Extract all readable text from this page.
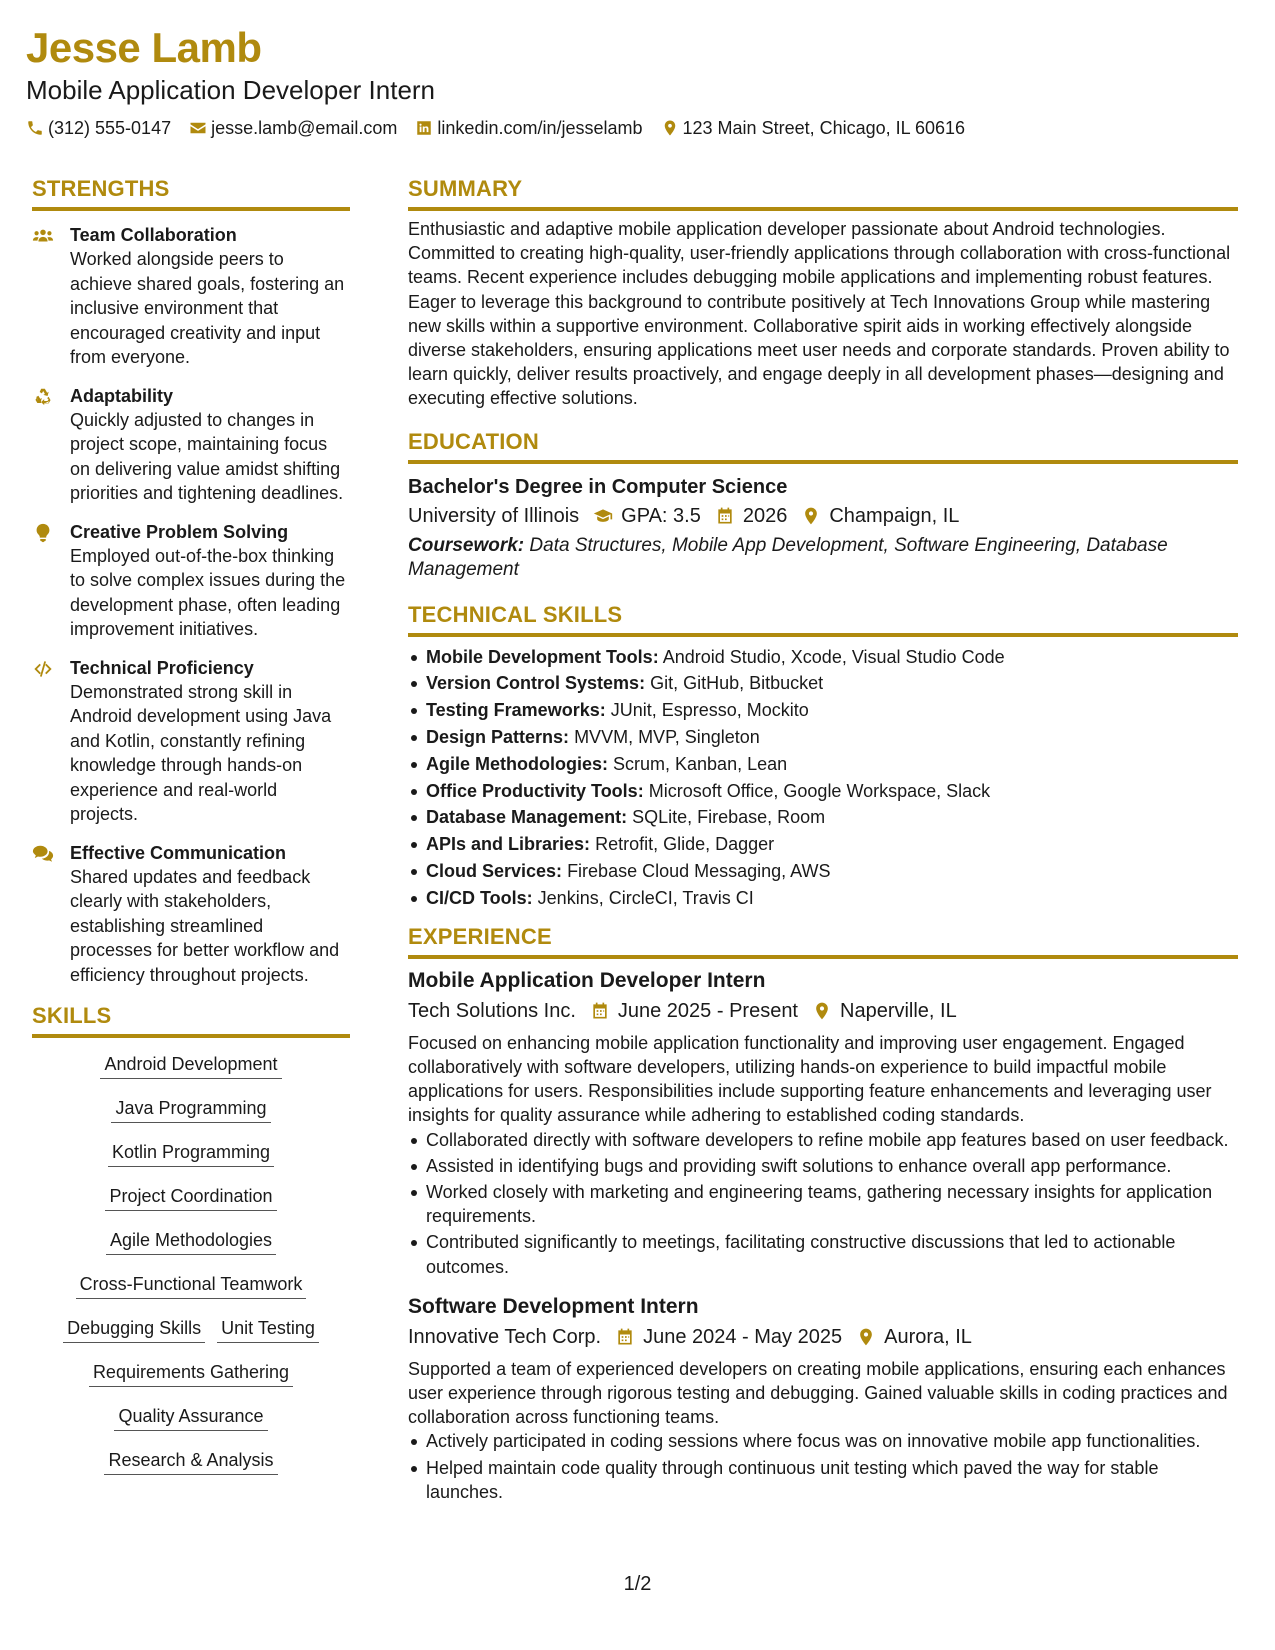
Jesse Lamb
Mobile Application Developer Intern
(312) 555-0147 jesse.lamb@email.com linkedin.com/in/jesselamb 123 Main Street, Chicago, IL 60616
STRENGTHS
Team Collaboration
Worked alongside peers to achieve shared goals, fostering an inclusive environment that encouraged creativity and input from everyone.
Adaptability
Quickly adjusted to changes in project scope, maintaining focus on delivering value amidst shifting priorities and tightening deadlines.
Creative Problem Solving
Employed out-of-the-box thinking to solve complex issues during the development phase, often leading improvement initiatives.
Technical Proficiency
Demonstrated strong skill in Android development using Java and Kotlin, constantly refining knowledge through hands-on experience and real-world projects.
Effective Communication
Shared updates and feedback clearly with stakeholders, establishing streamlined processes for better workflow and efficiency throughout projects.
SKILLS
Android Development
Java Programming
Kotlin Programming
Project Coordination
Agile Methodologies
Cross-Functional Teamwork
Debugging Skills Unit Testing
Requirements Gathering
Quality Assurance
Research & Analysis
SUMMARY
Enthusiastic and adaptive mobile application developer passionate about Android technologies. Committed to creating high-quality, user-friendly applications through collaboration with cross-functional teams. Recent experience includes debugging mobile applications and implementing robust features. Eager to leverage this background to contribute positively at Tech Innovations Group while mastering new skills within a supportive environment. Collaborative spirit aids in working effectively alongside diverse stakeholders, ensuring applications meet user needs and corporate standards. Proven ability to learn quickly, deliver results proactively, and engage deeply in all development phases—designing and executing effective solutions.
EDUCATION
Bachelor's Degree in Computer Science
University of Illinois GPA: 3.5 2026 Champaign, IL
Coursework: Data Structures, Mobile App Development, Software Engineering, Database Management
TECHNICAL SKILLS
Mobile Development Tools: Android Studio, Xcode, Visual Studio Code
Version Control Systems: Git, GitHub, Bitbucket
Testing Frameworks: JUnit, Espresso, Mockito
Design Patterns: MVVM, MVP, Singleton
Agile Methodologies: Scrum, Kanban, Lean
Office Productivity Tools: Microsoft Office, Google Workspace, Slack
Database Management: SQLite, Firebase, Room
APIs and Libraries: Retrofit, Glide, Dagger
Cloud Services: Firebase Cloud Messaging, AWS
CI/CD Tools: Jenkins, CircleCI, Travis CI
EXPERIENCE
Mobile Application Developer Intern
Tech Solutions Inc. June 2025 - Present Naperville, IL
Focused on enhancing mobile application functionality and improving user engagement. Engaged collaboratively with software developers, utilizing hands-on experience to build impactful mobile applications for users. Responsibilities include supporting feature enhancements and leveraging user insights for quality assurance while adhering to established coding standards.
Collaborated directly with software developers to refine mobile app features based on user feedback.
Assisted in identifying bugs and providing swift solutions to enhance overall app performance.
Worked closely with marketing and engineering teams, gathering necessary insights for application requirements.
Contributed significantly to meetings, facilitating constructive discussions that led to actionable outcomes.
Software Development Intern
Innovative Tech Corp. June 2024 - May 2025 Aurora, IL
Supported a team of experienced developers on creating mobile applications, ensuring each enhances user experience through rigorous testing and debugging. Gained valuable skills in coding practices and collaboration across functioning teams.
Actively participated in coding sessions where focus was on innovative mobile app functionalities.
Helped maintain code quality through continuous unit testing which paved the way for stable launches.
1/2
